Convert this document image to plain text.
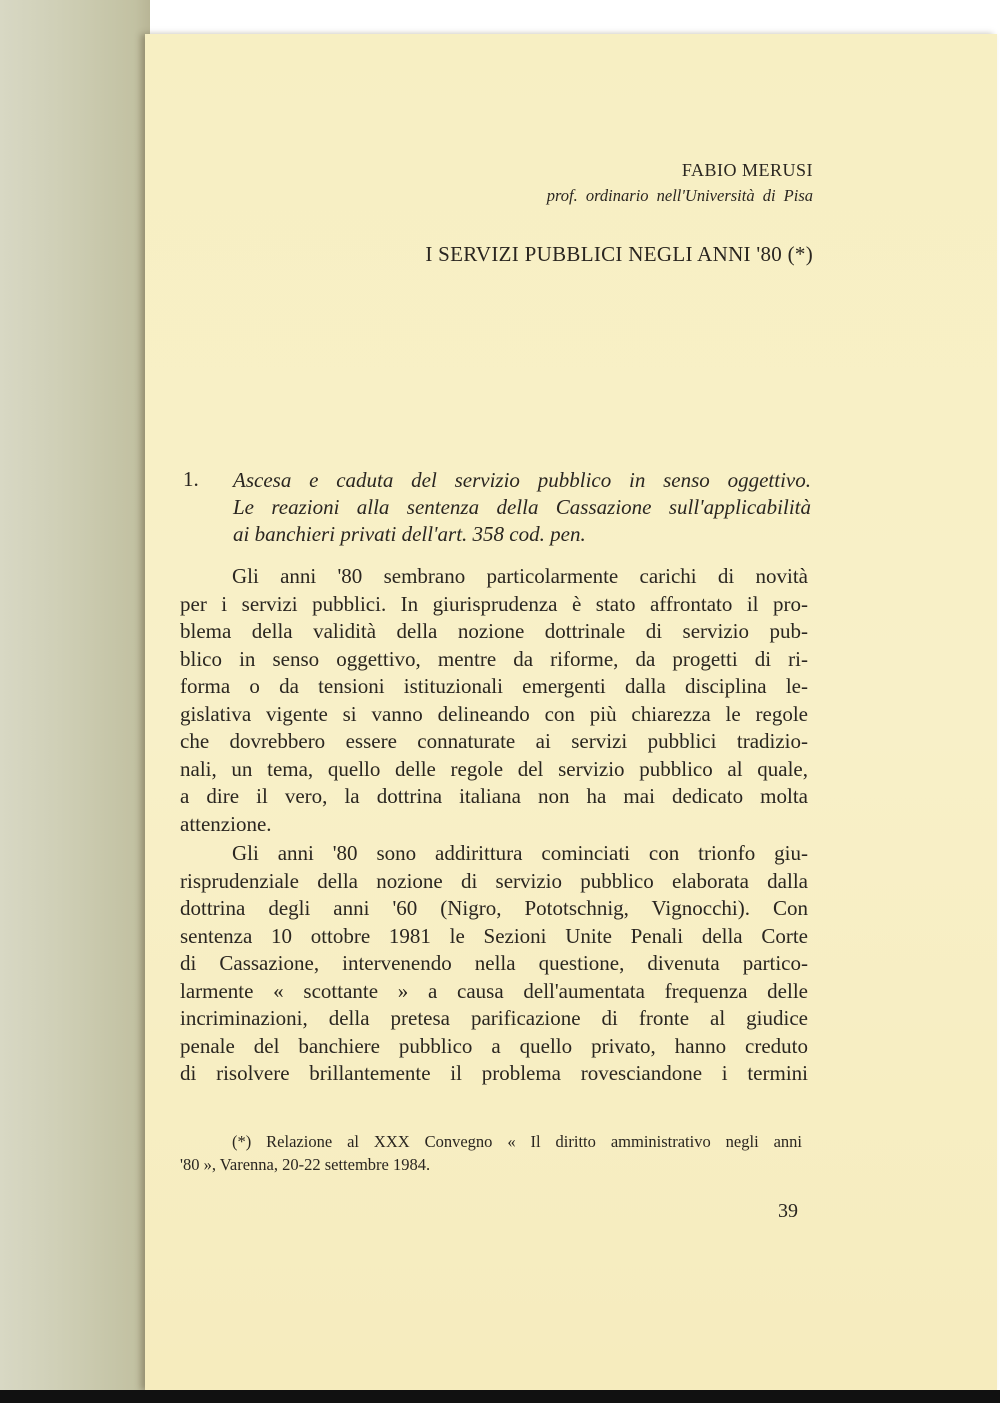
FABIO MERUSI
prof. ordinario nell'Università di Pisa
I SERVIZI PUBBLICI NEGLI ANNI '80 (*)
1. Ascesa e caduta del servizio pubblico in senso oggettivo.
Le reazioni alla sentenza della Cassazione sull'applicabilità
ai banchieri privati dell'art. 358 cod. pen.
Gli anni '80 sembrano particolarmente carichi di novità
per i servizi pubblici. In giurisprudenza è stato affrontato il pro-
blema della validità della nozione dottrinale di servizio pub-
blico in senso oggettivo, mentre da riforme, da progetti di ri-
forma o da tensioni istituzionali emergenti dalla disciplina le-
gislativa vigente si vanno delineando con più chiarezza le regole
che dovrebbero essere connaturate ai servizi pubblici tradizio-
nali, un tema, quello delle regole del servizio pubblico al quale,
a dire il vero, la dottrina italiana non ha mai dedicato molta
attenzione.
Gli anni '80 sono addirittura cominciati con trionfo giu-
risprudenziale della nozione di servizio pubblico elaborata dalla
dottrina degli anni '60 (Nigro, Pototschnig, Vignocchi). Con
sentenza 10 ottobre 1981 le Sezioni Unite Penali della Corte
di Cassazione, intervenendo nella questione, divenuta partico-
larmente « scottante » a causa dell'aumentata frequenza delle
incriminazioni, della pretesa parificazione di fronte al giudice
penale del banchiere pubblico a quello privato, hanno creduto
di risolvere brillantemente il problema rovesciandone i termini
(*) Relazione al XXX Convegno « Il diritto amministrativo negli anni
'80 », Varenna, 20-22 settembre 1984.
39
